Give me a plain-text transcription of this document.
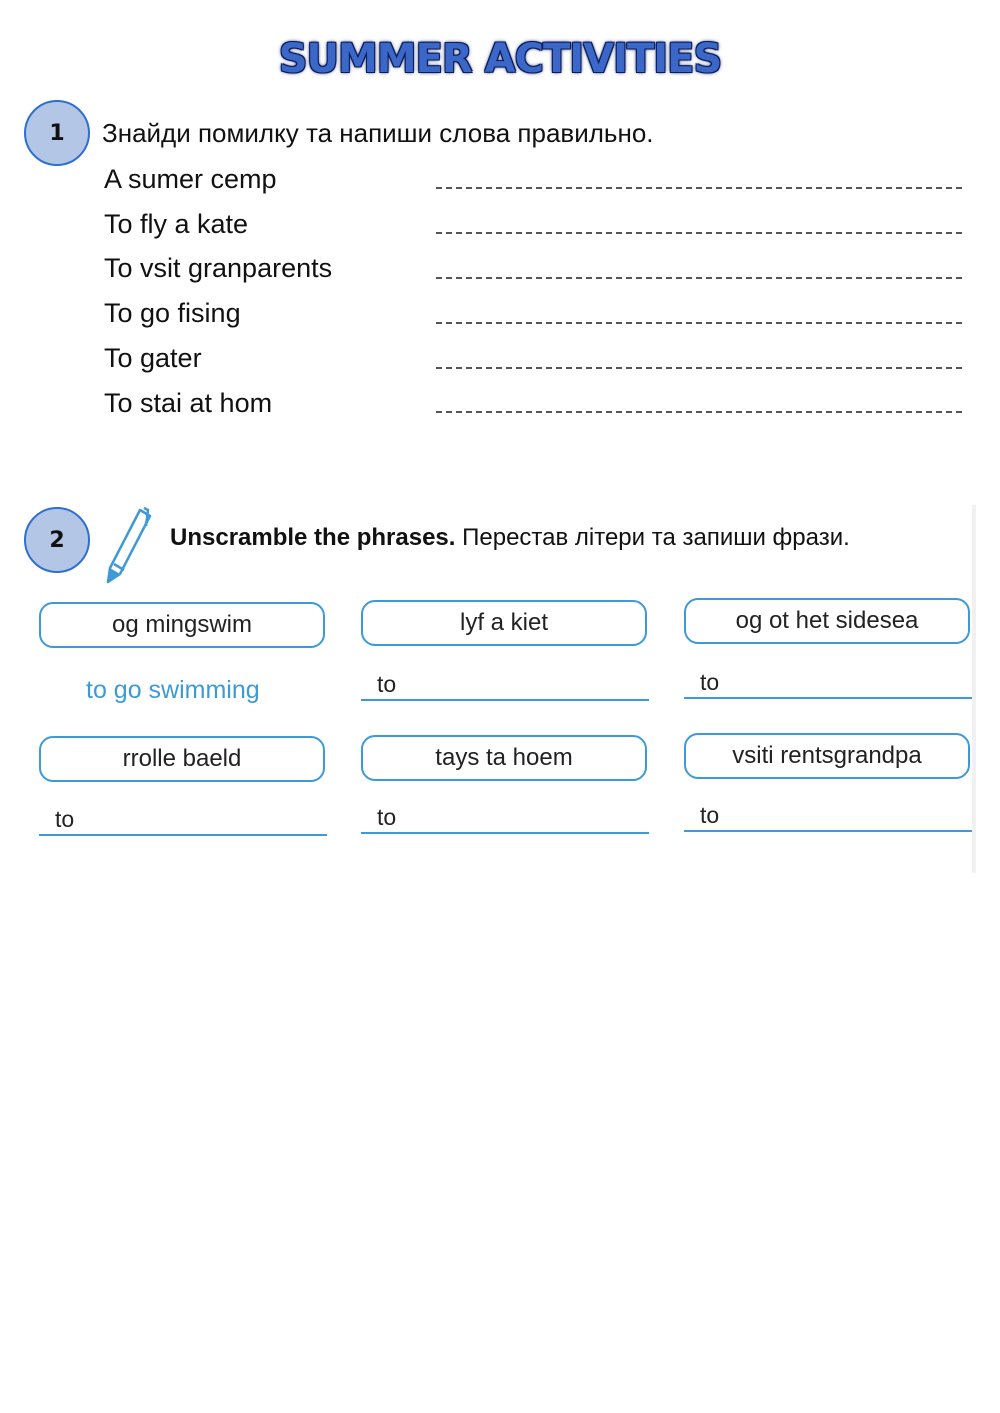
SUMMER ACTIVITIES
1	Знайди помилку та напиши слова правильно.
A sumer cemp
To fly a kate
To vsit granparents
To go fising
To gater
To stai at hom
2	Unscramble the phrases. Перестав літери та запиши фрази.
og mingswim	lyf a kiet	og ot het sidesea
to go swimming	to	to
rrolle baeld	tays ta hoem	vsiti rentsgrandpa
to	to	to
